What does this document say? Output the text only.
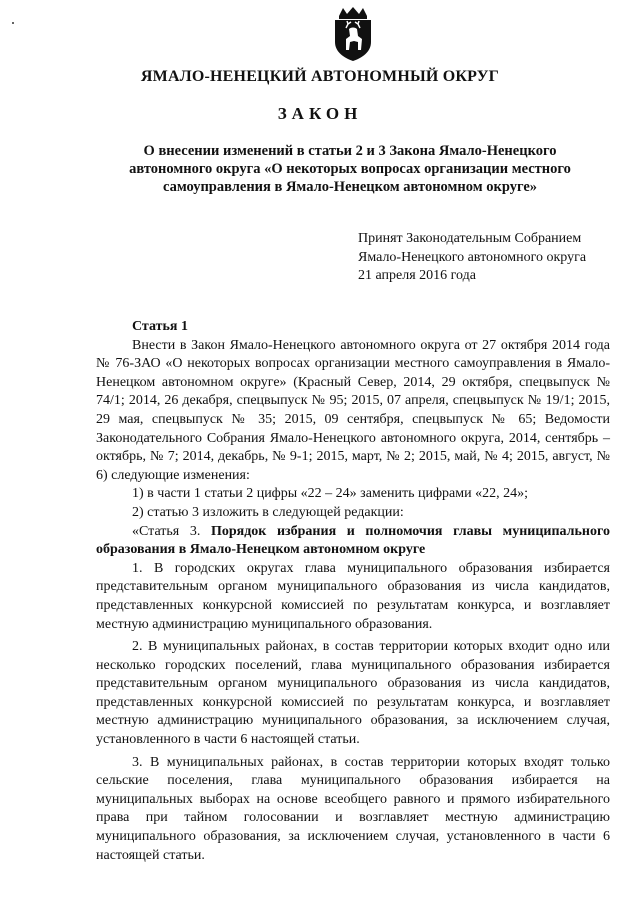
ЯМАЛО-НЕНЕЦКИЙ АВТОНОМНЫЙ ОКРУГ
ЗАКОН
О внесении изменений в статьи 2 и 3 Закона Ямало-Ненецкого автономного округа «О некоторых вопросах организации местного самоуправления в Ямало-Ненецком автономном округе»
Принят Законодательным Собранием
Ямало-Ненецкого автономного округа
21 апреля 2016 года
Статья 1

Внести в Закон Ямало-Ненецкого автономного округа от 27 октября 2014 года № 76-ЗАО «О некоторых вопросах организации местного самоуправления в Ямало-Ненецком автономном округе» (Красный Север, 2014, 29 октября, спецвыпуск № 74/1; 2014, 26 декабря, спецвыпуск № 95; 2015, 07 апреля, спецвыпуск № 19/1; 2015, 29 мая, спецвыпуск № 35; 2015, 09 сентября, спецвыпуск № 65; Ведомости Законодательного Собрания Ямало-Ненецкого автономного округа, 2014, сентябрь – октябрь, № 7; 2014, декабрь, № 9-1; 2015, март, № 2; 2015, май, № 4; 2015, август, № 6) следующие изменения:

1) в части 1 статьи 2 цифры «22 – 24» заменить цифрами «22, 24»;
2) статью 3 изложить в следующей редакции:

«Статья 3. Порядок избрания и полномочия главы муниципального образования в Ямало-Ненецком автономном округе

1. В городских округах глава муниципального образования избирается представительным органом муниципального образования из числа кандидатов, представленных конкурсной комиссией по результатам конкурса, и возглавляет местную администрацию муниципального образования.

2. В муниципальных районах, в состав территории которых входит одно или несколько городских поселений, глава муниципального образования избирается представительным органом муниципального образования из числа кандидатов, представленных конкурсной комиссией по результатам конкурса, и возглавляет местную администрацию муниципального образования, за исключением случая, установленного в части 6 настоящей статьи.

3. В муниципальных районах, в состав территории которых входят только сельские поселения, глава муниципального образования избирается на муниципальных выборах на основе всеобщего равного и прямого избирательного права при тайном голосовании и возглавляет местную администрацию муниципального образования, за исключением случая, установленного в части 6 настоящей статьи.
